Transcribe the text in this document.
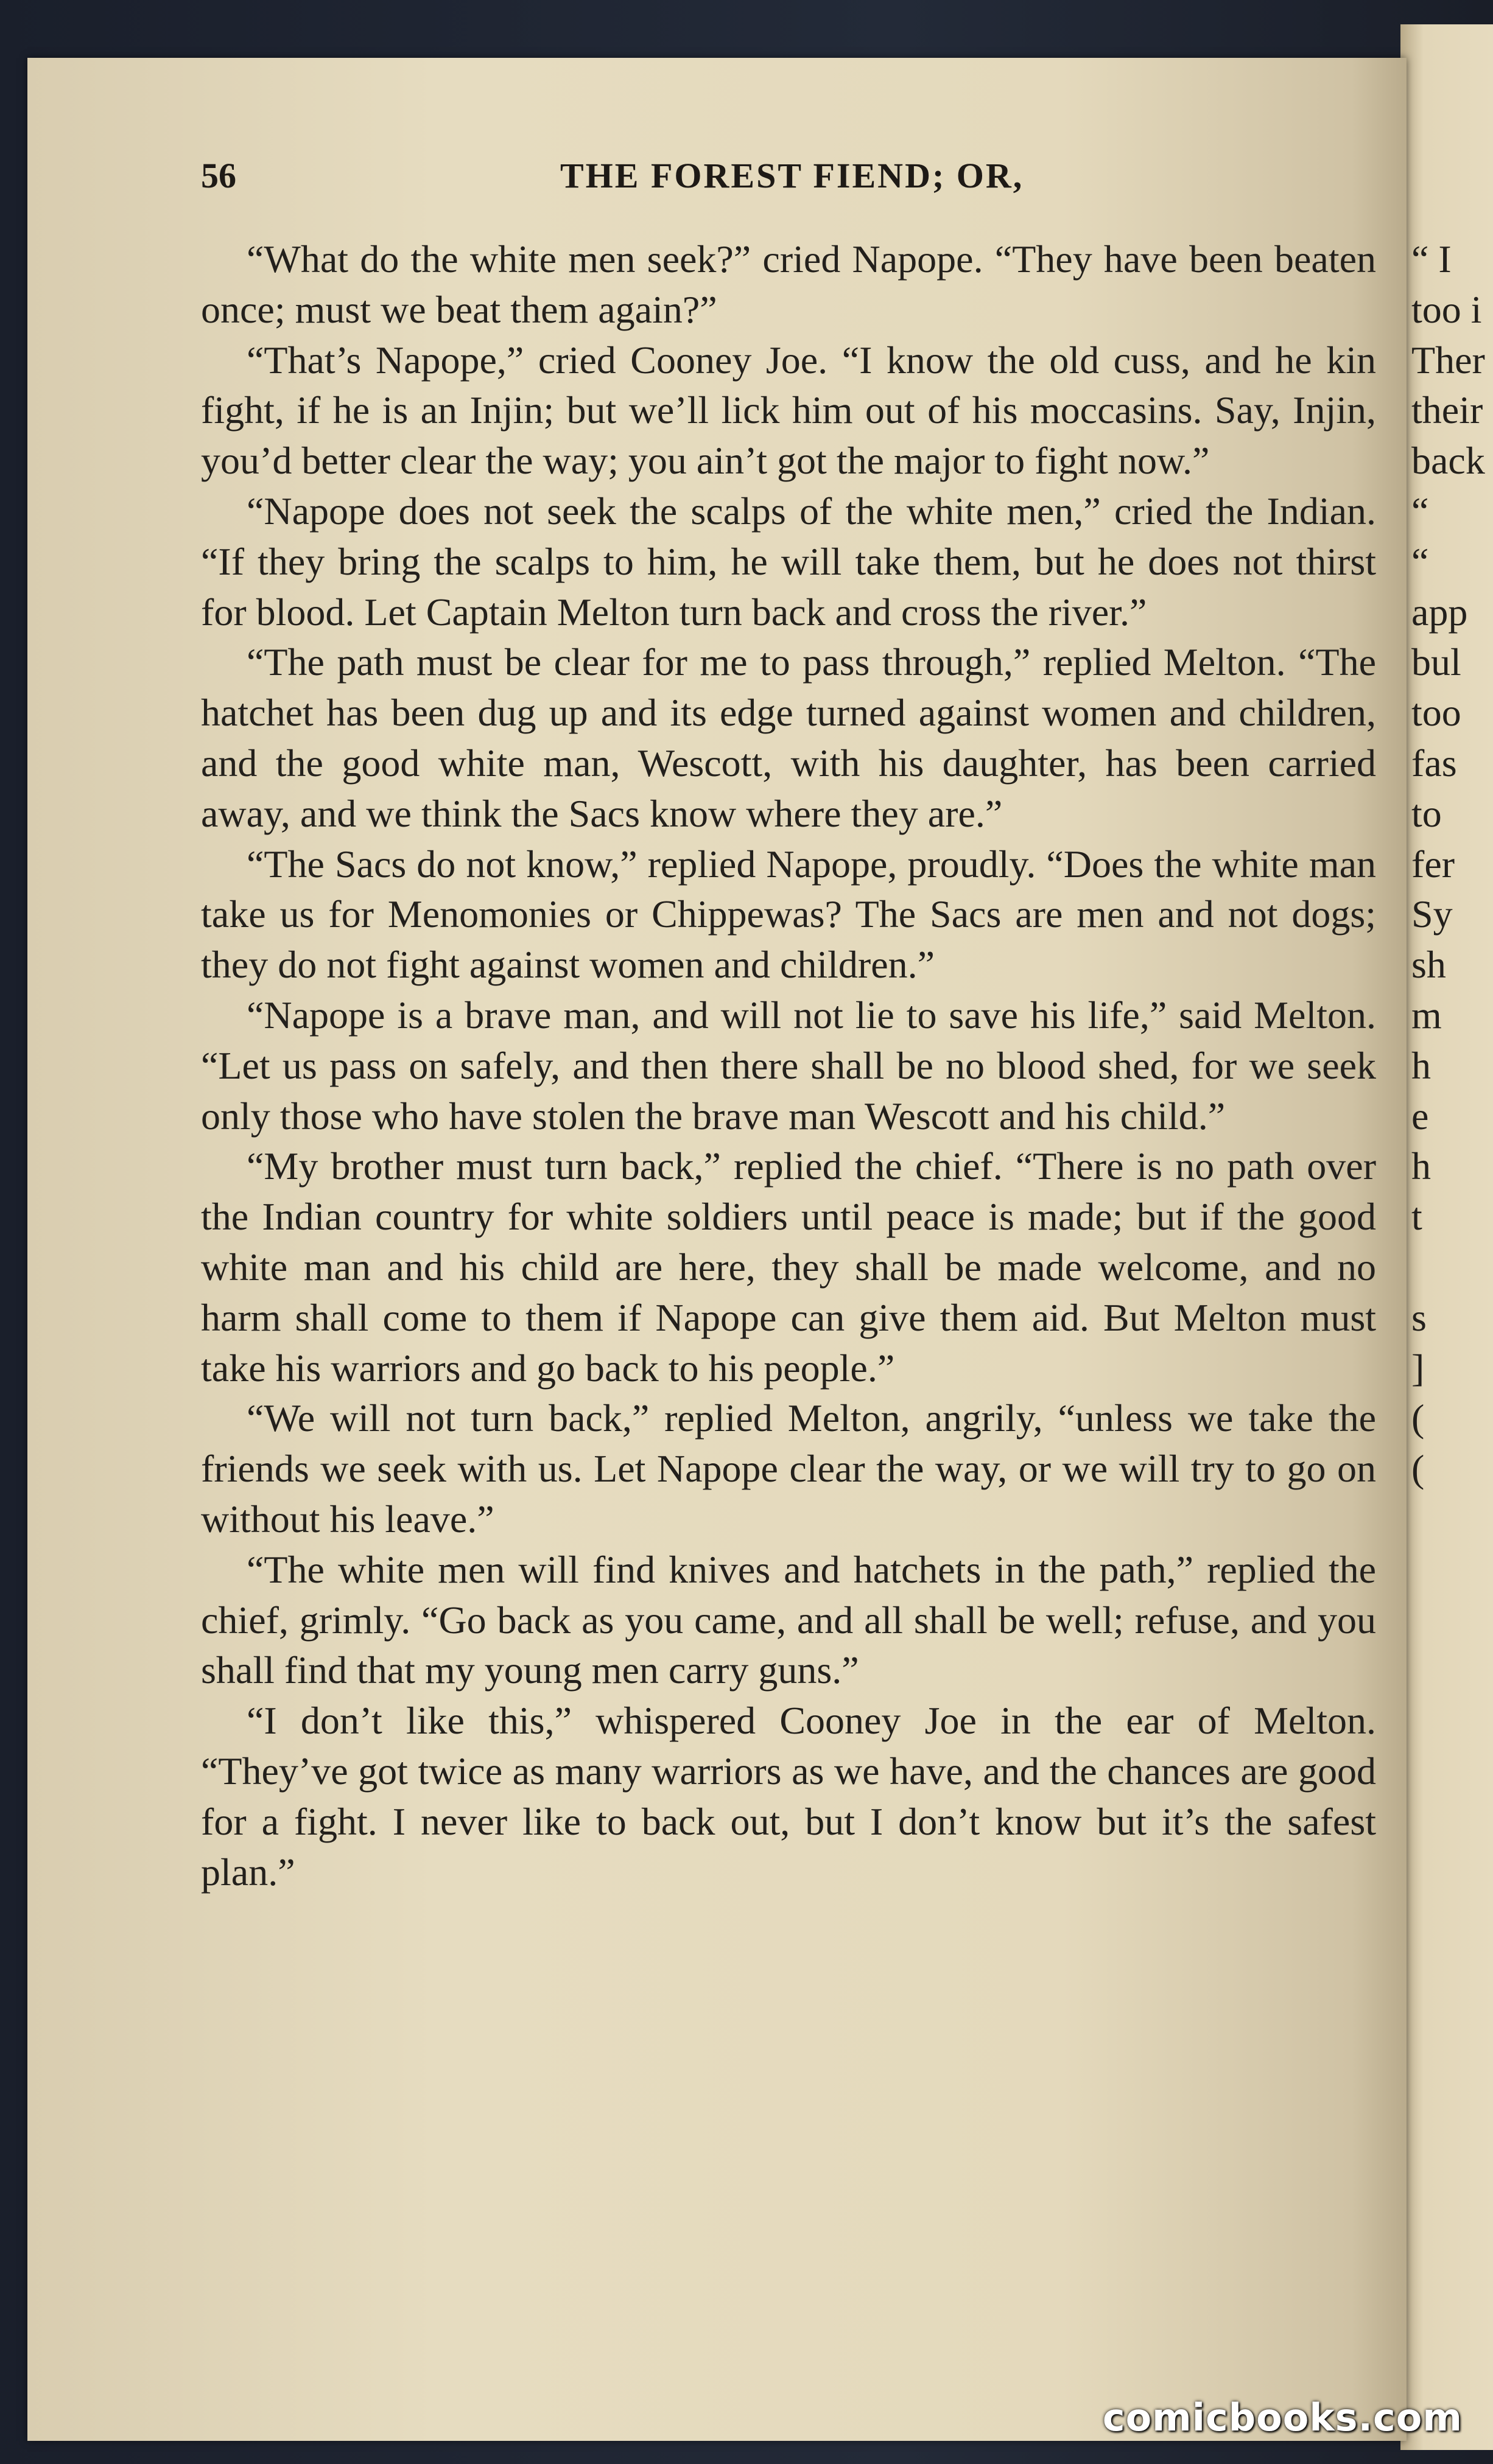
“ I
too i
Ther
their
back
“
“
app
bul
too
fas
to
fer
Sy
sh
m
h
e
h
t
s
]
(
(
56	THE FOREST FIEND; OR,

“What do the white men seek?” cried Napope. “They have been beaten once; must we beat them again?”

“That’s Napope,” cried Cooney Joe. “I know the old cuss, and he kin fight, if he is an Injin; but we’ll lick him out of his moccasins. Say, Injin, you’d better clear the way; you ain’t got the major to fight now.”

“Napope does not seek the scalps of the white men,” cried the Indian. “If they bring the scalps to him, he will take them, but he does not thirst for blood. Let Captain Melton turn back and cross the river.”

“The path must be clear for me to pass through,” replied Melton. “The hatchet has been dug up and its edge turned against women and children, and the good white man, Wescott, with his daughter, has been carried away, and we think the Sacs know where they are.”

“The Sacs do not know,” replied Napope, proudly. “Does the white man take us for Menomonies or Chippewas? The Sacs are men and not dogs; they do not fight against women and children.”

“Napope is a brave man, and will not lie to save his life,” said Melton. “Let us pass on safely, and then there shall be no blood shed, for we seek only those who have stolen the brave man Wescott and his child.”

“My brother must turn back,” replied the chief. “There is no path over the Indian country for white soldiers until peace is made; but if the good white man and his child are here, they shall be made welcome, and no harm shall come to them if Napope can give them aid. But Melton must take his warriors and go back to his people.”

“We will not turn back,” replied Melton, angrily, “unless we take the friends we seek with us. Let Napope clear the way, or we will try to go on without his leave.”

“The white men will find knives and hatchets in the path,” replied the chief, grimly. “Go back as you came, and all shall be well; refuse, and you shall find that my young men carry guns.”

“I don’t like this,” whispered Cooney Joe in the ear of Melton. “They’ve got twice as many warriors as we have, and the chances are good for a fight. I never like to back out, but I don’t know but it’s the safest plan.”

comicbooks.com
